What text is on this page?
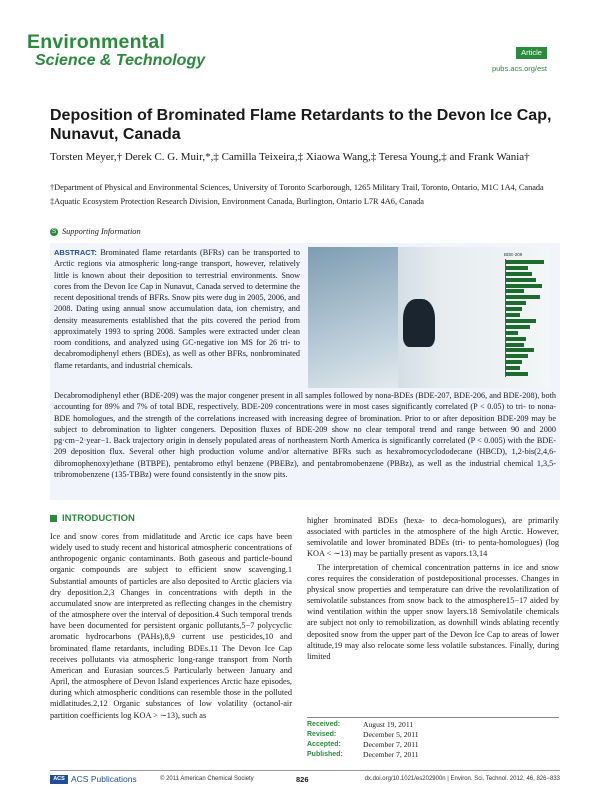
Environmental
Science & Technology	Article
pubs.acs.org/est
Deposition of Brominated Flame Retardants to the Devon Ice Cap, Nunavut, Canada
Torsten Meyer,† Derek C. G. Muir,*,‡ Camilla Teixeira,‡ Xiaowa Wang,‡ Teresa Young,‡ and Frank Wania†

†Department of Physical and Environmental Sciences, University of Toronto Scarborough, 1265 Military Trail, Toronto, Ontario, M1C 1A4, Canada

‡Aquatic Ecosystem Protection Research Division, Environment Canada, Burlington, Ontario L7R 4A6, Canada

S Supporting Information
ABSTRACT: Brominated flame retardants (BFRs) can be transported to Arctic regions via atmospheric long-range transport, however, relatively little is known about their deposition to terrestrial environments. Snow cores from the Devon Ice Cap in Nunavut, Canada served to determine the recent depositional trends of BFRs. Snow pits were dug in 2005, 2006, and 2008. Dating using annual snow accumulation data, ion chemistry, and density measurements established that the pits covered the period from approximately 1993 to spring 2008. Samples were extracted under clean room conditions, and analyzed using GC-negative ion MS for 26 tri- to decabromodiphenyl ethers (BDEs), as well as other BFRs, nonbrominated flame retardants, and industrial chemicals.
BDE-209
Decabromodiphenyl ether (BDE-209) was the major congener present in all samples followed by nona-BDEs (BDE-207, BDE-206, and BDE-208), both accounting for 89% and 7% of total BDE, respectively. BDE-209 concentrations were in most cases significantly correlated (P < 0.05) to tri- to nona-BDE homologues, and the strength of the correlations increased with increasing degree of bromination. Prior to or after deposition BDE-209 may be subject to debromination to lighter congeners. Deposition fluxes of BDE-209 show no clear temporal trend and range between 90 and 2000 pg·cm−2·year−1. Back trajectory origin in densely populated areas of northeastern North America is significantly correlated (P < 0.005) with the BDE-209 deposition flux. Several other high production volume and/or alternative BFRs such as hexabromocyclododecane (HBCD), 1,2-bis(2,4,6-dibromophenoxy)ethane (BTBPE), pentabromo ethyl benzene (PBEBz), and pentabromobenzene (PBBz), as well as the industrial chemical 1,3,5-tribromobenzene (135-TBBz) were found consistently in the snow pits.
INTRODUCTION
Ice and snow cores from midlatitude and Arctic ice caps have been widely used to study recent and historical atmospheric concentrations of anthropogenic organic contaminants. Both gaseous and particle-bound organic compounds are subject to efficient snow scavenging.1 Substantial amounts of particles are also deposited to Arctic glaciers via dry deposition.2,3 Changes in concentrations with depth in the accumulated snow are interpreted as reflecting changes in the chemistry of the atmosphere over the interval of deposition.4 Such temporal trends have been documented for persistent organic pollutants,5−7 polycyclic aromatic hydrocarbons (PAHs),8,9 current use pesticides,10 and brominated flame retardants, including BDEs.11 The Devon Ice Cap receives pollutants via atmospheric long-range transport from North American and Eurasian sources.5 Particularly between January and April, the atmosphere of Devon Island experiences Arctic haze episodes, during which atmospheric conditions can resemble those in the polluted midlatitudes.2,12 Organic substances of low volatility (octanol-air partition coefficients log KOA > ∼13), such as

higher brominated BDEs (hexa- to deca-homologues), are primarily associated with particles in the atmosphere of the high Arctic. However, semivolatile and lower brominated BDEs (tri- to penta-homologues) (log KOA < ∼13) may be partially present as vapors.13,14

The interpretation of chemical concentration patterns in ice and snow cores requires the consideration of postdepositional processes. Changes in physical snow properties and temperature can drive the revolatilization of semivolatile substances from snow back to the atmosphere15−17 aided by wind ventilation within the upper snow layers.18 Semivolatile chemicals are subject not only to remobilization, as downhill winds ablating recently deposited snow from the upper part of the Devon Ice Cap to areas of lower altitude,19 may also relocate some less volatile substances. Finally, during limited

Received:	August 19, 2011
Revised:	December 5, 2011
Accepted:	December 7, 2011
Published:	December 7, 2011
ACS ACS Publications	© 2011 American Chemical Society	826	dx.doi.org/10.1021/es202900n | Environ. Sci. Technol. 2012, 46, 826−833
